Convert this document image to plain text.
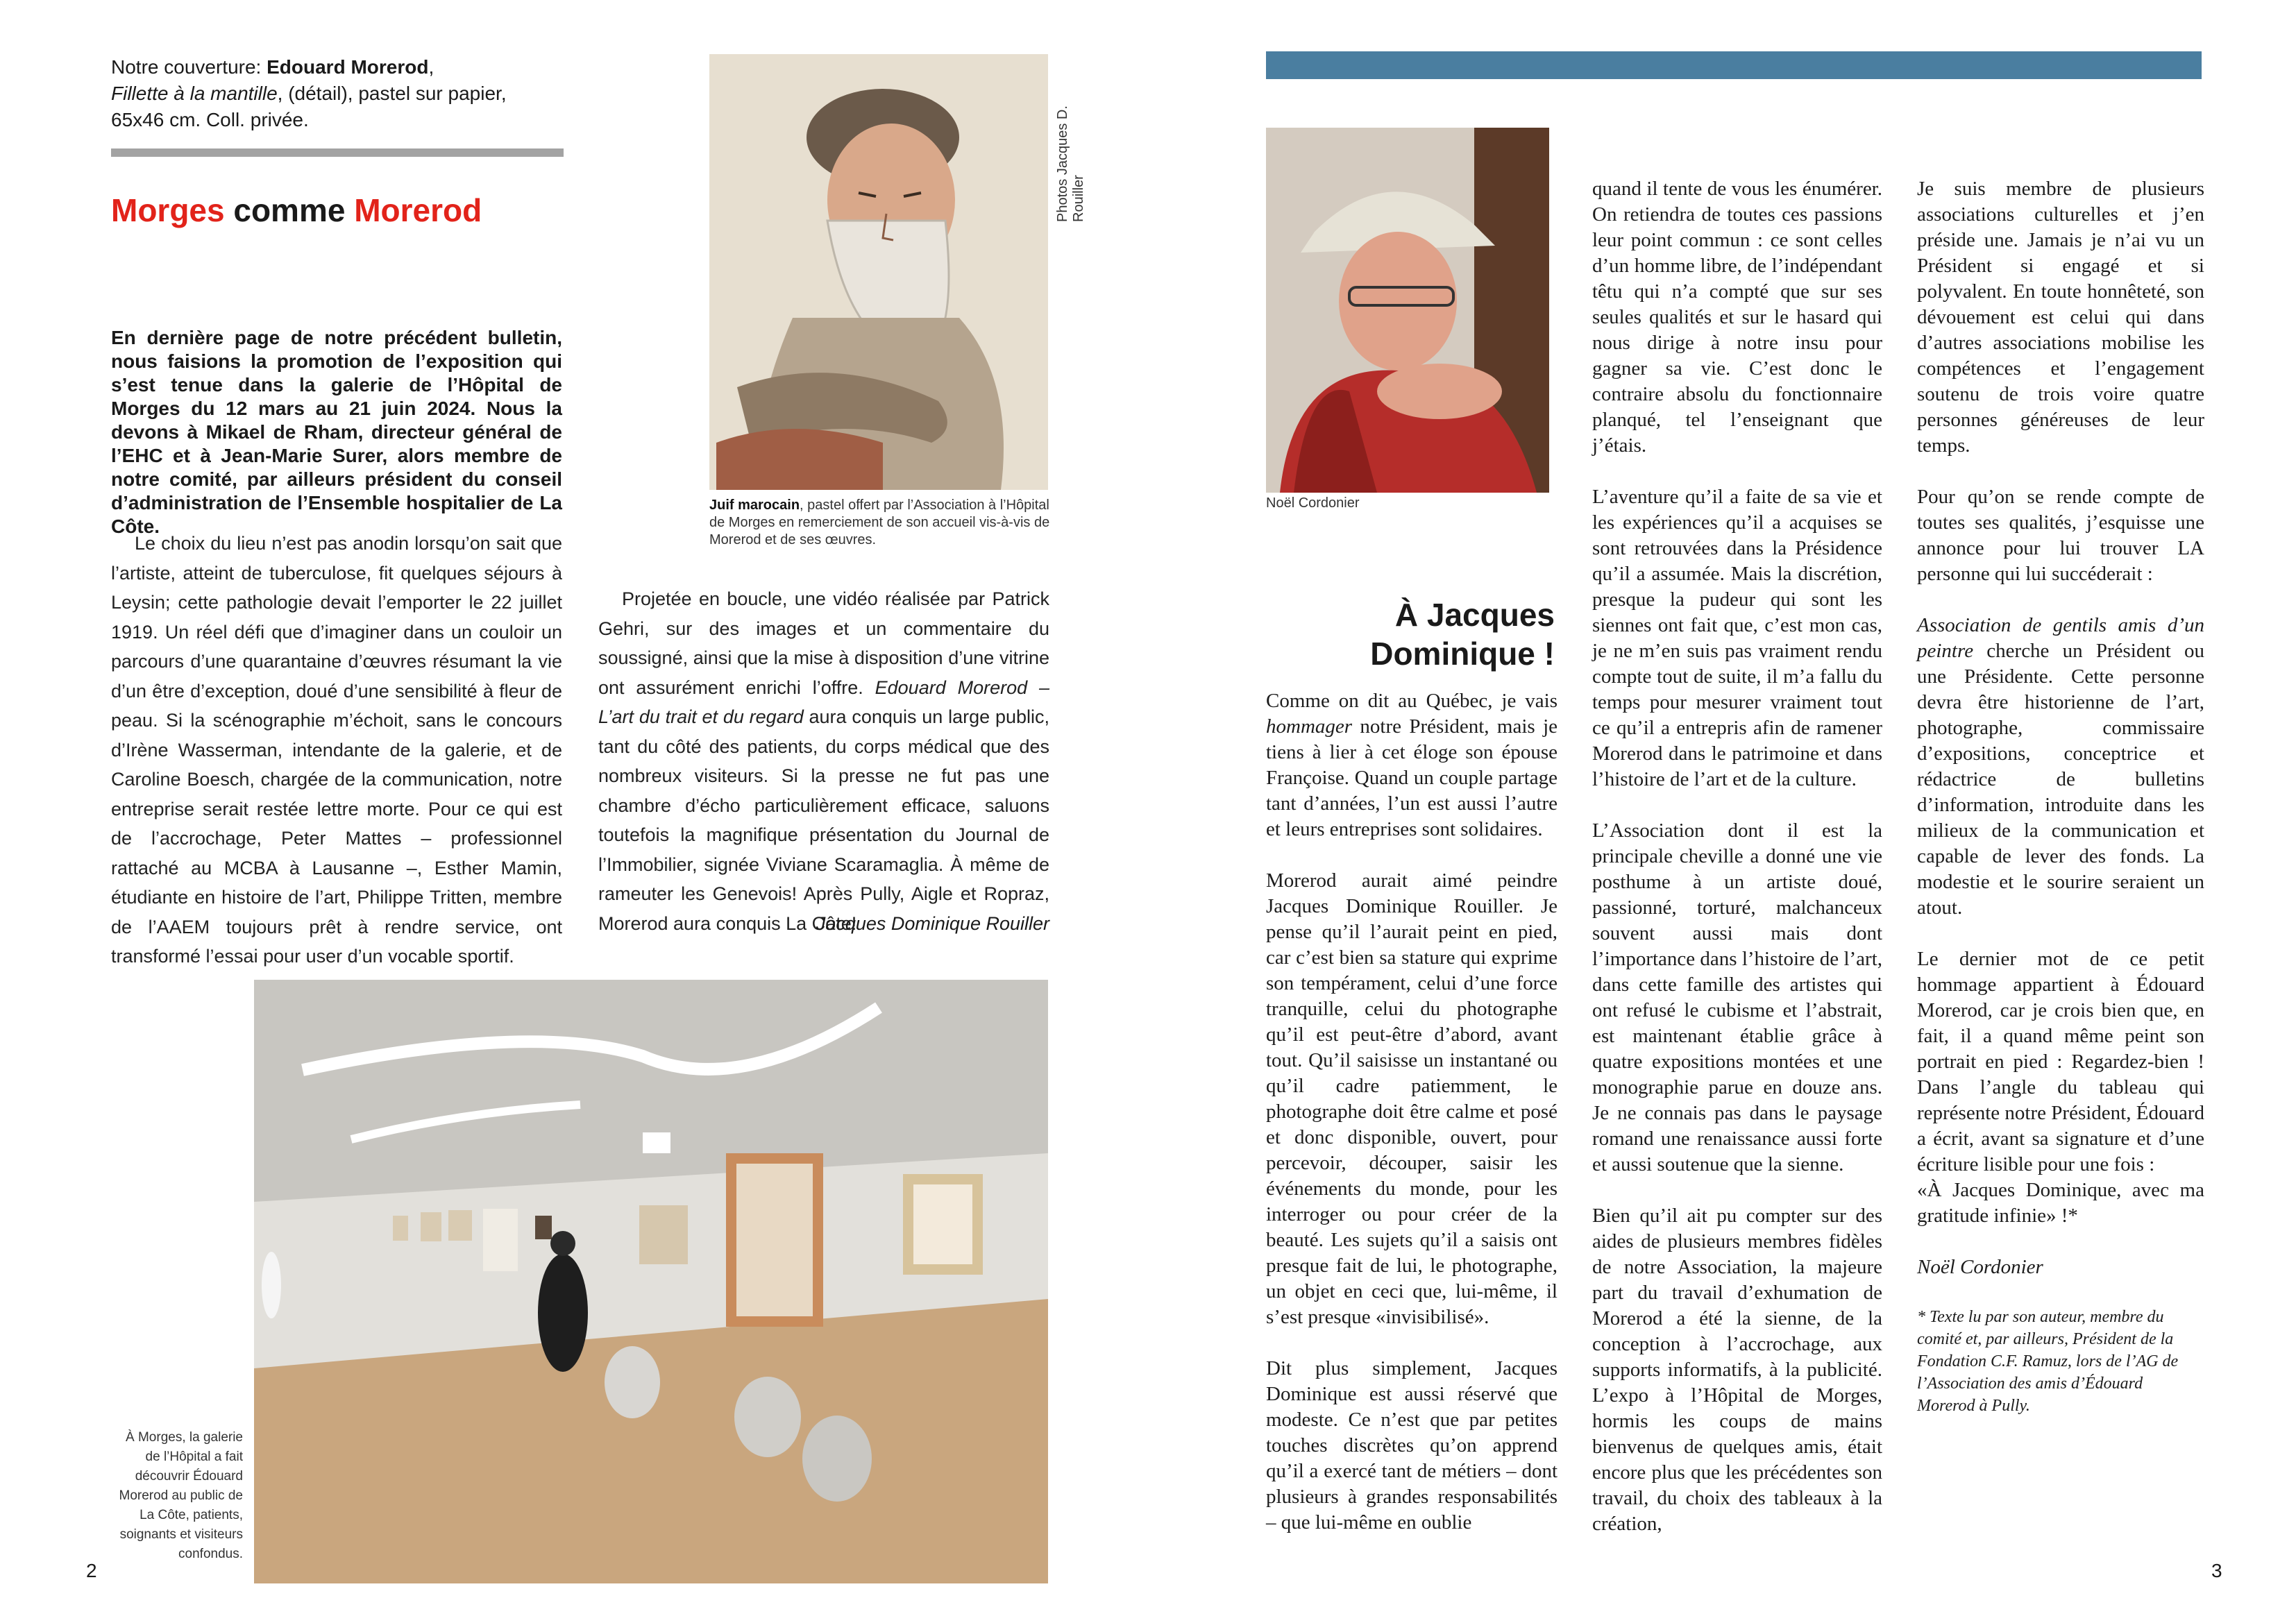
Notre couverture: Edouard Morerod,
Fillette à la mantille, (détail), pastel sur papier,
65x46 cm. Coll. privée.
Morges comme Morerod

En dernière page de notre précédent bulletin, nous faisions la promotion de l’exposition qui s’est tenue dans la galerie de l’Hôpital de Morges du 12 mars au 21 juin 2024. Nous la devons à Mikael de Rham, directeur général de l’EHC et à Jean-Marie Surer, alors membre de notre comité, par ailleurs président du conseil d’administration de l’Ensemble hospitalier de La Côte.

Le choix du lieu n’est pas anodin lorsqu’on sait que l’artiste, atteint de tuberculose, fit quelques séjours à Leysin; cette pathologie devait l’emporter le 22 juillet 1919. Un réel défi que d’imaginer dans un couloir un parcours d’une quarantaine d’œuvres résumant la vie d’un être d’exception, doué d’une sensibilité à fleur de peau. Si la scénographie m’échoit, sans le concours d’Irène Wasserman, intendante de la galerie, et de Caroline Boesch, chargée de la communication, notre entreprise serait restée lettre morte. Pour ce qui est de l’accrochage, Peter Mattes – professionnel rattaché au MCBA à Lausanne –, Esther Mamin, étudiante en histoire de l’art, Philippe Tritten, membre de l’AAEM toujours prêt à rendre service, ont transformé l’essai pour user d’un vocable sportif.

Projetée en boucle, une vidéo réalisée par Patrick Gehri, sur des images et un commentaire du soussigné, ainsi que la mise à disposition d’une vitrine ont assurément enrichi l’offre. Edouard Morerod – L’art du trait et du regard aura conquis un large public, tant du côté des patients, du corps médical que des nombreux visiteurs. Si la presse ne fut pas une chambre d’écho particulièrement efficace, saluons toutefois la magnifique présentation du Journal de l’Immobilier, signée Viviane Scaramaglia. À même de rameuter les Genevois! Après Pully, Aigle et Ropraz, Morerod aura conquis La Côte!

Jacques Dominique Rouiller
Photos Jacques D. Rouiller
Juif marocain, pastel offert par l’Association à l’Hôpital de Morges en remerciement de son accueil vis-à-vis de Morerod et de ses œuvres.
À Morges, la galerie de l’Hôpital a fait découvrir Édouard Morerod au public de La Côte, patients, soignants et visiteurs confondus.
2
Noël Cordonier
À Jacques
Dominique !

Comme on dit au Québec, je vais hommager notre Président, mais je tiens à lier à cet éloge son épouse Françoise. Quand un couple partage tant d’années, l’un est aussi l’autre et leurs entreprises sont solidaires.

Morerod aurait aimé peindre Jacques Dominique Rouiller. Je pense qu’il l’aurait peint en pied, car c’est bien sa stature qui exprime son tempérament, celui d’une force tranquille, celui du photographe qu’il est peut-être d’abord, avant tout. Qu’il saisisse un instantané ou qu’il cadre patiemment, le photographe doit être calme et posé et donc disponible, ouvert, pour percevoir, découper, saisir les événements du monde, pour les interroger ou pour créer de la beauté. Les sujets qu’il a saisis ont presque fait de lui, le photographe, un objet en ceci que, lui-même, il s’est presque «invisibilisé».

Dit plus simplement, Jacques Dominique est aussi réservé que modeste. Ce n’est que par petites touches discrètes qu’on apprend qu’il a exercé tant de métiers – dont plusieurs à grandes responsabilités – que lui-même en oublie

quand il tente de vous les énumérer. On retiendra de toutes ces passions leur point commun : ce sont celles d’un homme libre, de l’indépendant têtu qui n’a compté que sur ses seules qualités et sur le hasard qui nous dirige à notre insu pour gagner sa vie. C’est donc le contraire absolu du fonctionnaire planqué, tel l’enseignant que j’étais.

L’aventure qu’il a faite de sa vie et les expériences qu’il a acquises se sont retrouvées dans la Présidence qu’il a assumée. Mais la discrétion, presque la pudeur qui sont les siennes ont fait que, c’est mon cas, je ne m’en suis pas vraiment rendu compte tout de suite, il m’a fallu du temps pour mesurer vraiment tout ce qu’il a entrepris afin de ramener Morerod dans le patrimoine et dans l’histoire de l’art et de la culture.

L’Association dont il est la principale cheville a donné une vie posthume à un artiste doué, passionné, torturé, malchanceux souvent aussi mais dont l’importance dans l’histoire de l’art, dans cette famille des artistes qui ont refusé le cubisme et l’abstrait, est maintenant établie grâce à quatre expositions montées et une monographie parue en douze ans. Je ne connais pas dans le paysage romand une renaissance aussi forte et aussi soutenue que la sienne.

Bien qu’il ait pu compter sur des aides de plusieurs membres fidèles de notre Association, la majeure part du travail d’exhumation de Morerod a été la sienne, de la conception à l’accrochage, aux supports informatifs, à la publicité. L’expo à l’Hôpital de Morges, hormis les coups de mains bienvenus de quelques amis, était encore plus que les précédentes son travail, du choix des tableaux à la création,

Je suis membre de plusieurs associations culturelles et j’en préside une. Jamais je n’ai vu un Président si engagé et si polyvalent. En toute honnêteté, son dévouement est celui qui dans d’autres associations mobilise les compétences et l’engagement soutenu de trois voire quatre personnes généreuses de leur temps.

Pour qu’on se rende compte de toutes ses qualités, j’esquisse une annonce pour lui trouver LA personne qui lui succéderait :

Association de gentils amis d’un peintre cherche un Président ou une Présidente. Cette personne devra être historienne de l’art, photographe, commissaire d’expositions, conceptrice et rédactrice de bulletins d’information, introduite dans les milieux de la communication et capable de lever des fonds. La modestie et le sourire seraient un atout.

Le dernier mot de ce petit hommage appartient à Édouard Morerod, car je crois bien que, en fait, il a quand même peint son portrait en pied : Regardez-bien ! Dans l’angle du tableau qui représente notre Président, Édouard a écrit, avant sa signature et d’une écriture lisible pour une fois :

«À Jacques Dominique, avec ma gratitude infinie» !*

Noël Cordonier

* Texte lu par son auteur, membre du comité et, par ailleurs, Président de la Fondation C.F. Ramuz, lors de l’AG de l’Association des amis d’Édouard Morerod à Pully.

3
